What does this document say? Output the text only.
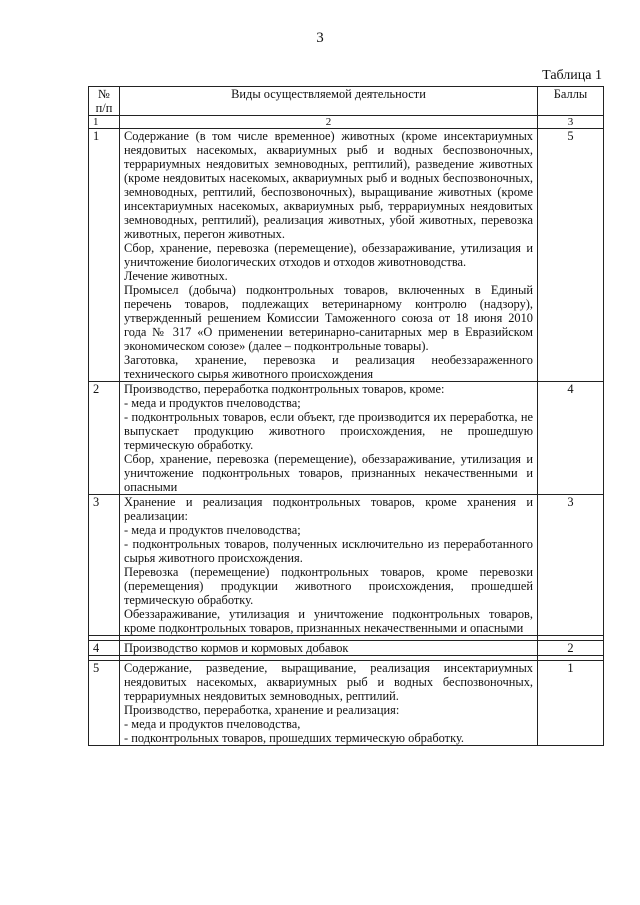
3
Таблица 1
№ п/п	Виды осуществляемой деятельности	Баллы
1	2	3
1	Содержание (в том числе временное) животных (кроме инсектариумных неядовитых насекомых, аквариумных рыб и водных беспозвоночных, террариумных неядовитых земноводных, рептилий), разведение животных (кроме неядовитых насекомых, аквариумных рыб и водных беспозвоночных, земноводных, рептилий, беспозвоночных), выращивание животных (кроме инсектариумных насекомых, аквариумных рыб, террариумных неядовитых земноводных, рептилий), реализация животных, убой животных, перевозка животных, перегон животных.

Сбор, хранение, перевозка (перемещение), обеззараживание, утилизация и уничтожение биологических отходов и отходов животноводства.

Лечение животных.

Промысел (добыча) подконтрольных товаров, включенных в Единый перечень товаров, подлежащих ветеринарному контролю (надзору), утвержденный решением Комиссии Таможенного союза от 18 июня 2010 года № 317 «О применении ветеринарно-санитарных мер в Евразийском экономическом союзе» (далее – подконтрольные товары).

Заготовка, хранение, перевозка и реализация необеззараженного технического сырья животного происхождения	5
2	Производство, переработка подконтрольных товаров, кроме:

- меда и продуктов пчеловодства;

- подконтрольных товаров, если объект, где производится их переработка, не выпускает продукцию животного происхождения, не прошедшую термическую обработку.

Сбор, хранение, перевозка (перемещение), обеззараживание, утилизация и уничтожение подконтрольных товаров, признанных некачественными и опасными	4
3	Хранение и реализация подконтрольных товаров, кроме хранения и реализации:

- меда и продуктов пчеловодства;

- подконтрольных товаров, полученных исключительно из переработанного сырья животного происхождения.

Перевозка (перемещение) подконтрольных товаров, кроме перевозки (перемещения) продукции животного происхождения, прошедшей термическую обработку.

Обеззараживание, утилизация и уничтожение подконтрольных товаров, кроме подконтрольных товаров, признанных некачественными и опасными	3

4	Производство кормов и кормовых добавок	2

5	Содержание, разведение, выращивание, реализация инсектариумных неядовитых насекомых, аквариумных рыб и водных беспозвоночных, террариумных неядовитых земноводных, рептилий.

Производство, переработка, хранение и реализация:

- меда и продуктов пчеловодства,

- подконтрольных товаров, прошедших термическую обработку.	1
